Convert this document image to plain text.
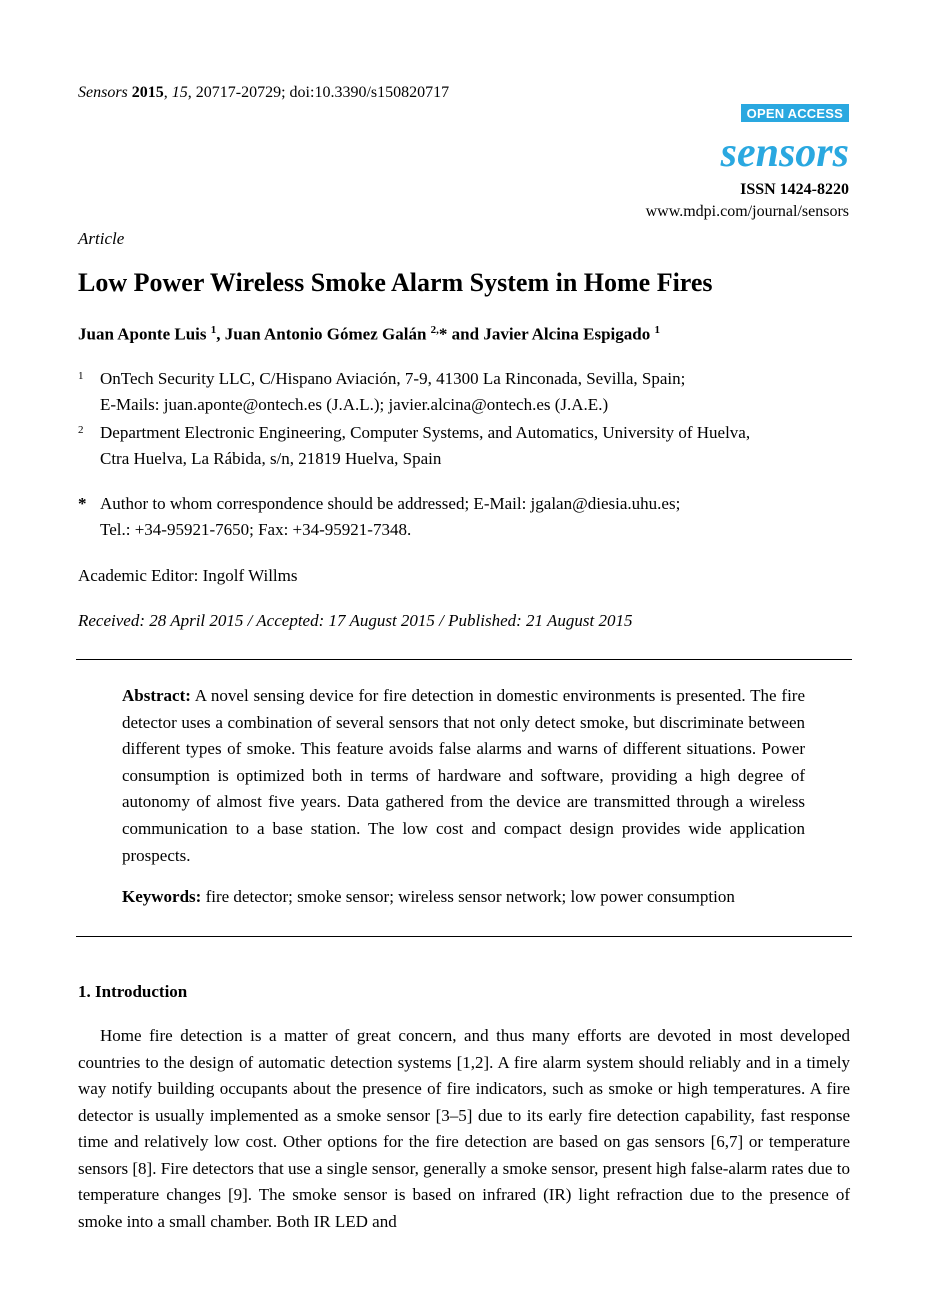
Sensors 2015, 15, 20717-20729; doi:10.3390/s150820717
OPEN ACCESS
sensors
ISSN 1424-8220
www.mdpi.com/journal/sensors
Article
Low Power Wireless Smoke Alarm System in Home Fires
Juan Aponte Luis $^1$, Juan Antonio Gómez Galán $^{2,}$* and Javier Alcina Espigado $^1$
1 OnTech Security LLC, C/Hispano Aviación, 7-9, 41300 La Rinconada, Sevilla, Spain;
E-Mails: juan.aponte@ontech.es (J.A.L.); javier.alcina@ontech.es (J.A.E.)
2 Department Electronic Engineering, Computer Systems, and Automatics, University of Huelva,
Ctra Huelva, La Rábida, s/n, 21819 Huelva, Spain
* Author to whom correspondence should be addressed; E-Mail: jgalan@diesia.uhu.es;
Tel.: +34-95921-7650; Fax: +34-95921-7348.
Academic Editor: Ingolf Willms
Received: 28 April 2015 / Accepted: 17 August 2015 / Published: 21 August 2015
Abstract: A novel sensing device for fire detection in domestic environments is presented. The fire detector uses a combination of several sensors that not only detect smoke, but discriminate between different types of smoke. This feature avoids false alarms and warns of different situations. Power consumption is optimized both in terms of hardware and software, providing a high degree of autonomy of almost five years. Data gathered from the device are transmitted through a wireless communication to a base station. The low cost and compact design provides wide application prospects.
Keywords: fire detector; smoke sensor; wireless sensor network; low power consumption
1. Introduction
Home fire detection is a matter of great concern, and thus many efforts are devoted in most developed countries to the design of automatic detection systems [1,2]. A fire alarm system should reliably and in a timely way notify building occupants about the presence of fire indicators, such as smoke or high temperatures. A fire detector is usually implemented as a smoke sensor [3–5] due to its early fire detection capability, fast response time and relatively low cost. Other options for the fire detection are based on gas sensors [6,7] or temperature sensors [8]. Fire detectors that use a single sensor, generally a smoke sensor, present high false-alarm rates due to temperature changes [9]. The smoke sensor is based on infrared (IR) light refraction due to the presence of smoke into a small chamber. Both IR LED and
